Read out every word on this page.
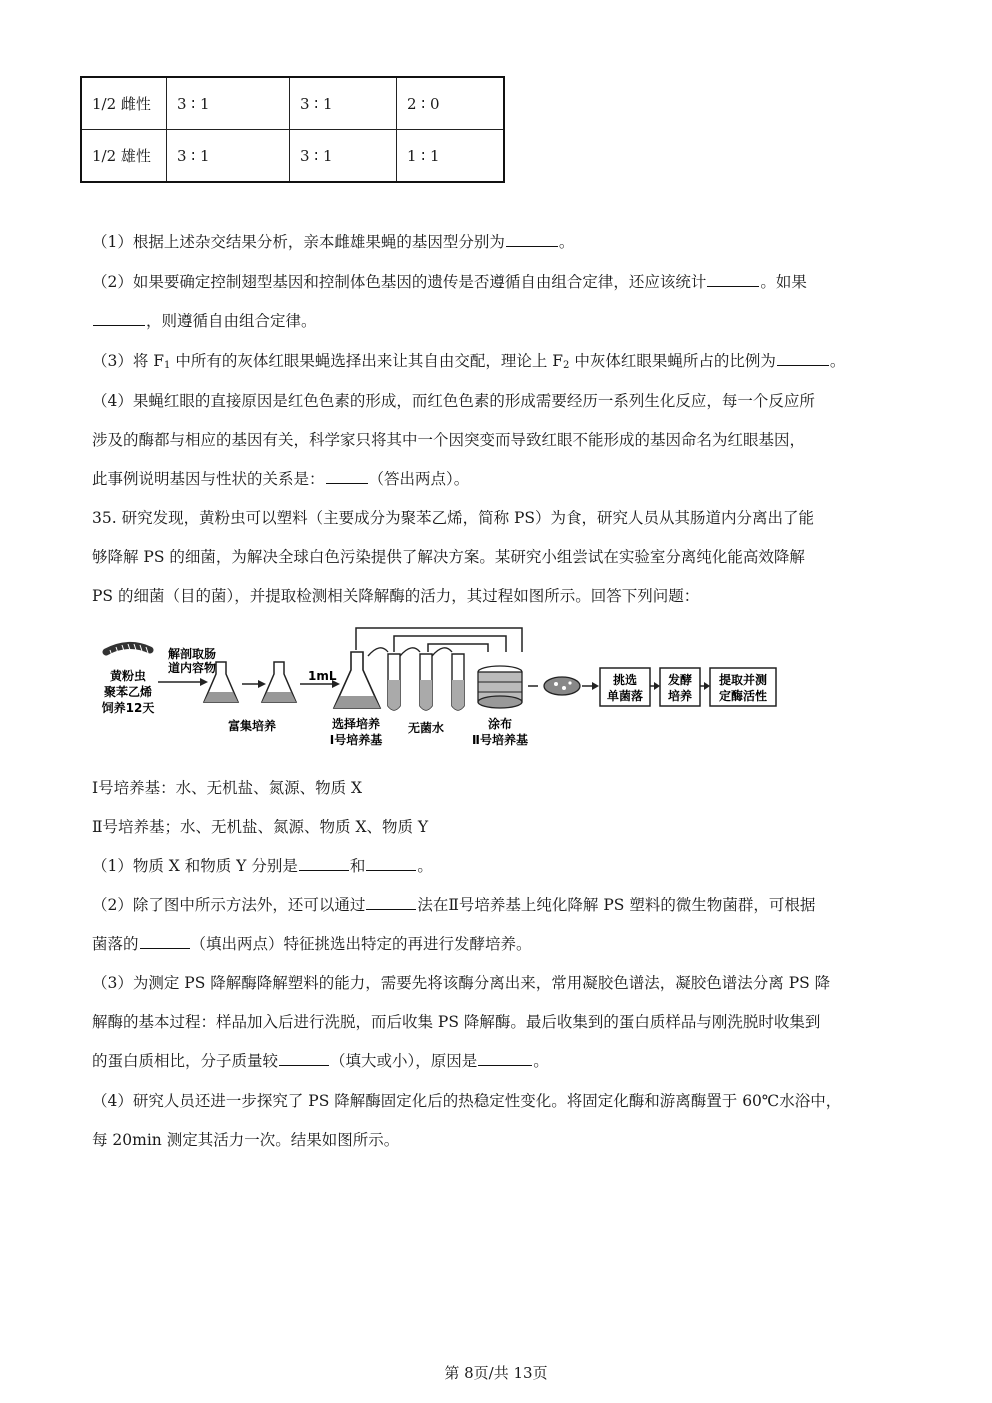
1/2 雌性	3 ∶ 1	3 ∶ 1	2 ∶ 0
1/2 雄性	3 ∶ 1	3 ∶ 1	1 ∶ 1
（1）根据上述杂交结果分析，亲本雌雄果蝇的基因型分别为	。
（2）如果要确定控制翅型基因和控制体色基因的遗传是否遵循自由组合定律，还应该统计	。如果
，则遵循自由组合定律。
（3）将 $F_1$ 中所有的灰体红眼果蝇选择出来让其自由交配，理论上 $F_2$ 中灰体红眼果蝇所占的比例为	。
（4）果蝇红眼的直接原因是红色色素的形成，而红色色素的形成需要经历一系列生化反应，每一个反应所
涉及的酶都与相应的基因有关，科学家只将其中一个因突变而导致红眼不能形成的基因命名为红眼基因，
此事例说明基因与性状的关系是：	（答出两点）。
35. 研究发现，黄粉虫可以塑料（主要成分为聚苯乙烯，简称 PS）为食，研究人员从其肠道内分离出了能
够降解 PS 的细菌，为解决全球白色污染提供了解决方案。某研究小组尝试在实验室分离纯化能高效降解
PS 的细菌（目的菌），并提取检测相关降解酶的活力，其过程如图所示。回答下列问题：
黄粉虫
聚苯乙烯
饲养12天
解剖取肠
道内容物
富集培养
1mL
选择培养
Ⅰ号培养基
无菌水	涂布
Ⅱ号培养基
挑选
单菌落
发酵
培养
提取并测
定酶活性
Ⅰ号培养基：水、无机盐、氮源、物质 X
Ⅱ号培养基；水、无机盐、氮源、物质 X、物质 Y
（1）物质 X 和物质 Y 分别是	和	。
（2）除了图中所示方法外，还可以通过	法在Ⅱ号培养基上纯化降解 PS 塑料的微生物菌群，可根据
菌落的	（填出两点）特征挑选出特定的再进行发酵培养。
（3）为测定 PS 降解酶降解塑料的能力，需要先将该酶分离出来，常用凝胶色谱法，凝胶色谱法分离 PS 降
解酶的基本过程：样品加入后进行洗脱，而后收集 PS 降解酶。最后收集到的蛋白质样品与刚洗脱时收集到
的蛋白质相比，分子质量较	（填大或小），原因是	。
（4）研究人员还进一步探究了 PS 降解酶固定化后的热稳定性变化。将固定化酶和游离酶置于 60℃水浴中，
每 20min 测定其活力一次。结果如图所示。
第 8页/共 13页
